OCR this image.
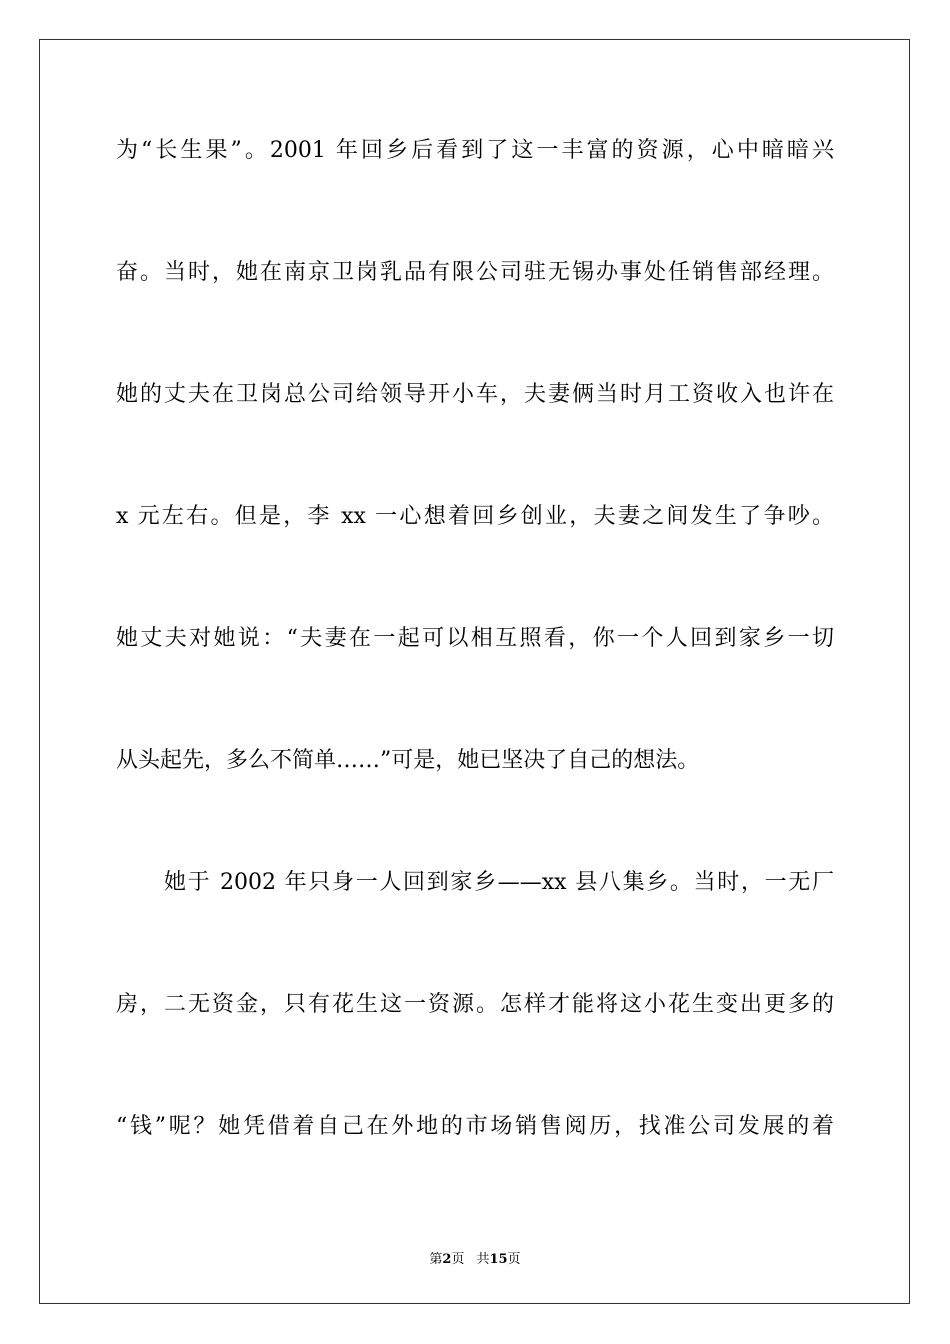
为“长生果”。2001 年回乡后看到了这一丰富的资源，心中暗暗兴
奋。当时，她在南京卫岗乳品有限公司驻无锡办事处任销售部经理。
她的丈夫在卫岗总公司给领导开小车，夫妻俩当时月工资收入也许在
x 元左右。但是，李 xx 一心想着回乡创业，夫妻之间发生了争吵。
她丈夫对她说：“夫妻在一起可以相互照看，你一个人回到家乡一切
从头起先，多么不简单……”可是，她已坚决了自己的想法。
她于 2002 年只身一人回到家乡——xx 县八集乡。当时，一无厂
房，二无资金，只有花生这一资源。怎样才能将这小花生变出更多的
“钱”呢？她凭借着自己在外地的市场销售阅历，找准公司发展的着
第2页 共15页
